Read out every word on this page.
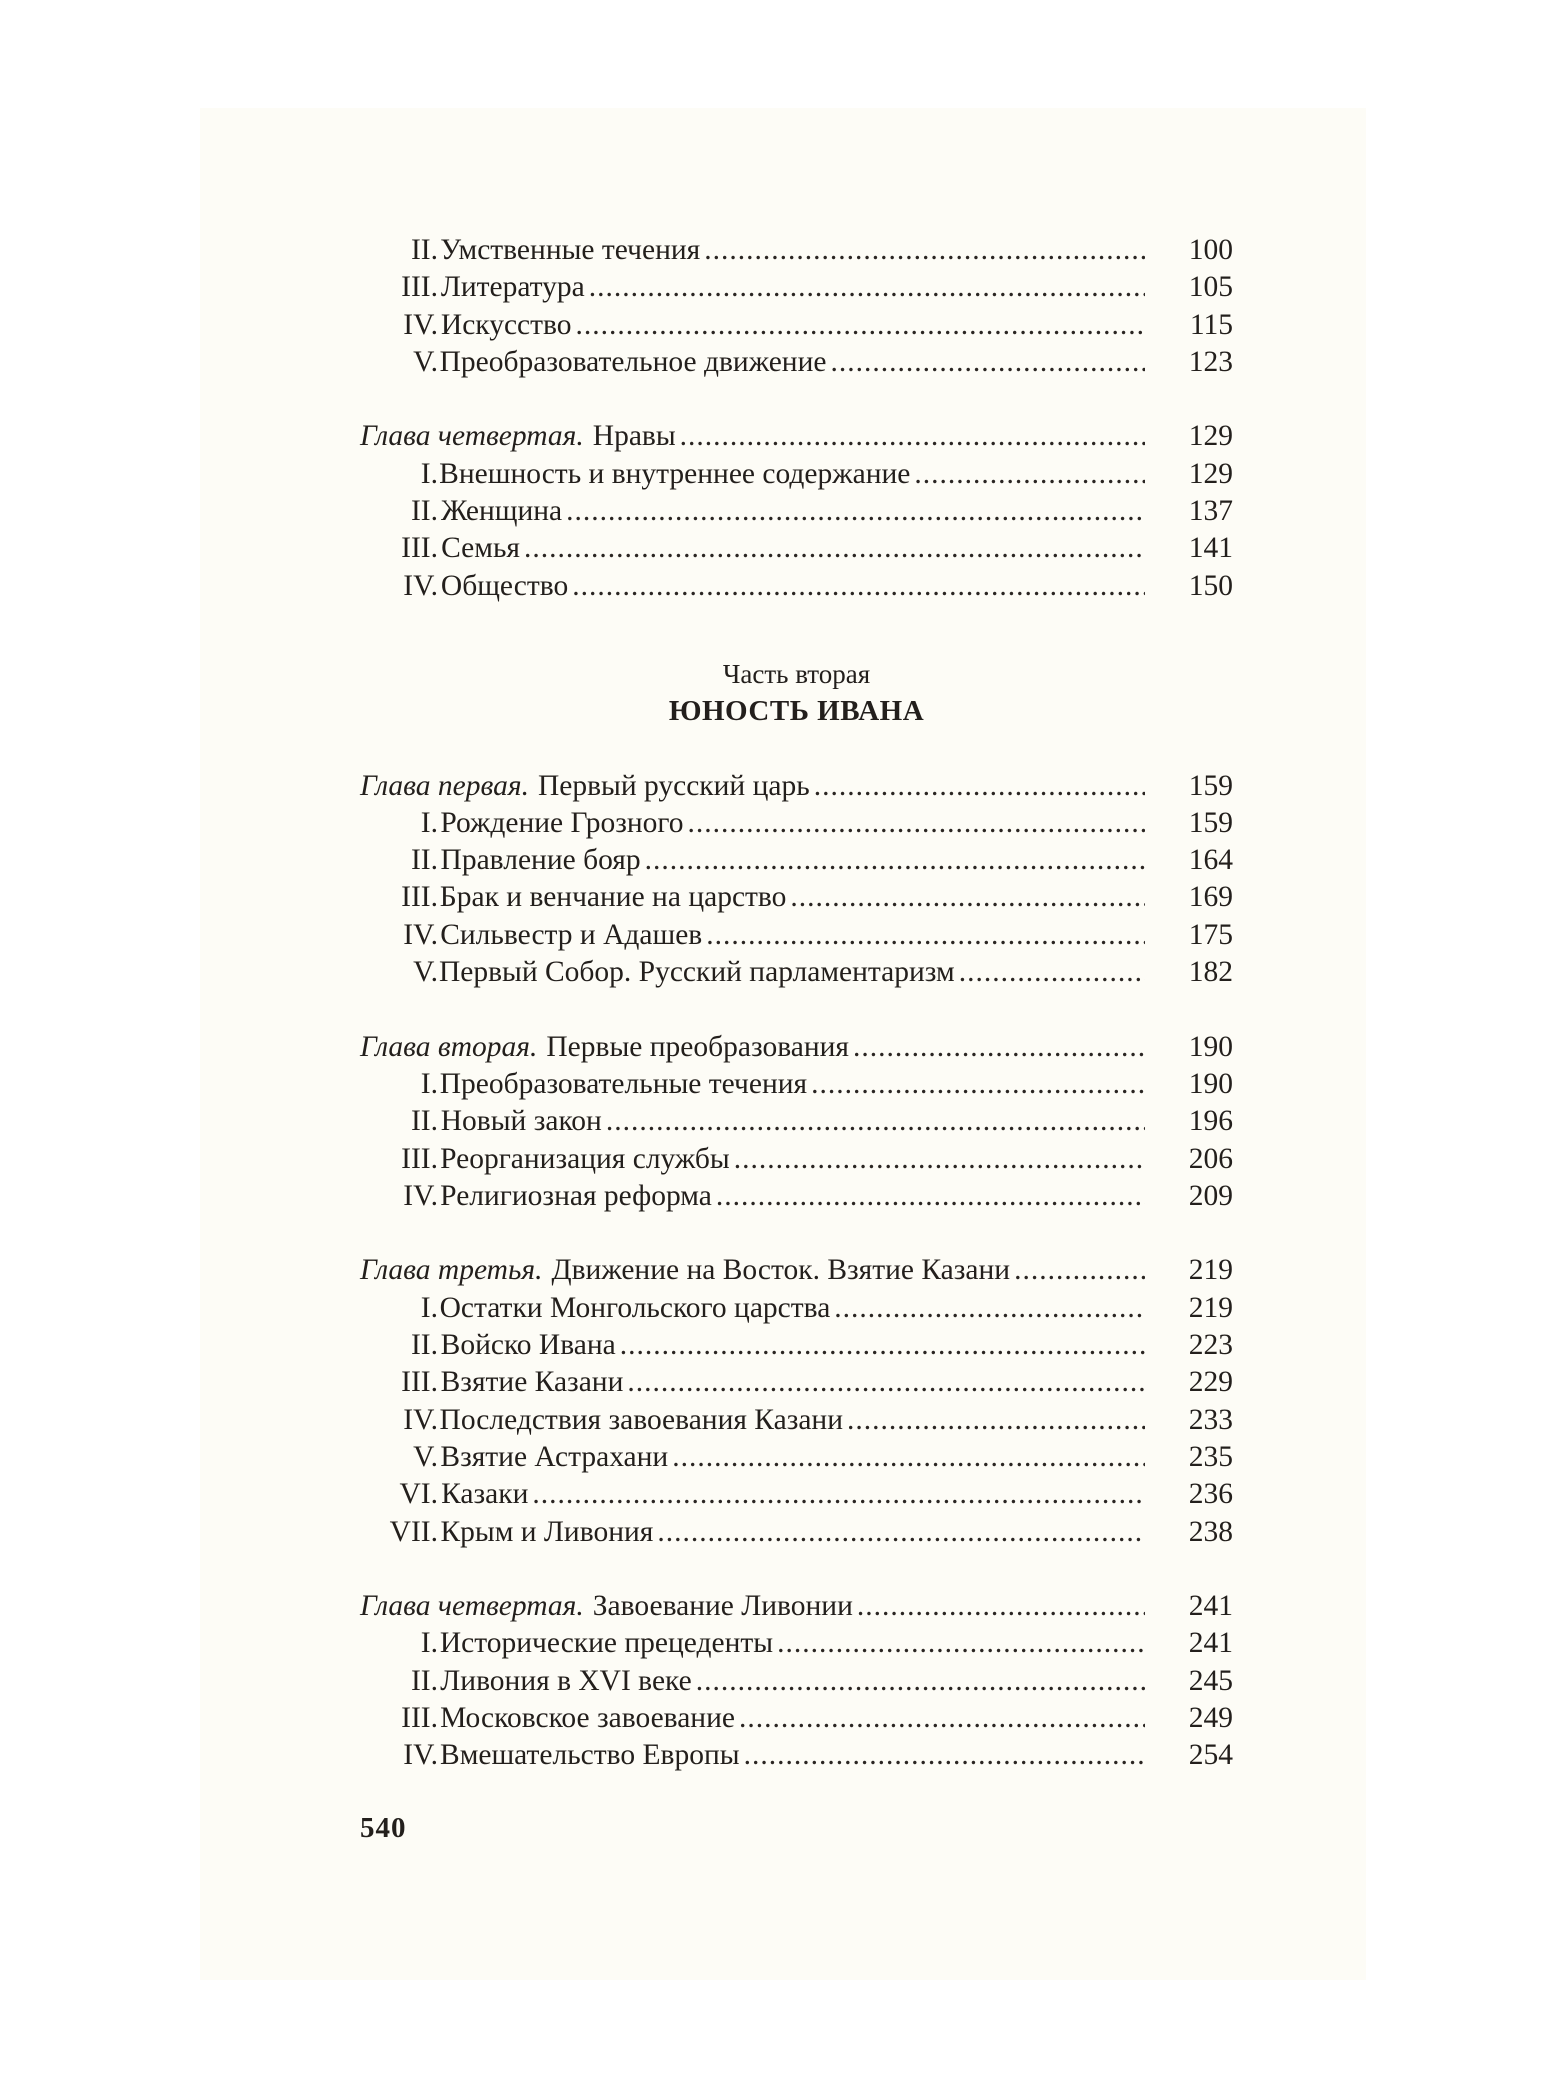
II. Умственные течения .....	100
III. Литература .....	105
IV. Искусство .....	115
V. Преобразовательное движение .....	123
Глава четвертая. Нравы .....	129
I. Внешность и внутреннее содержание .....	129
II. Женщина .....	137
III. Семья .....	141
IV. Общество .....	150
Часть вторая
ЮНОСТЬ ИВАНА
Глава первая. Первый русский царь .....	159
I. Рождение Грозного .....	159
II. Правление бояр .....	164
III. Брак и венчание на царство .....	169
IV. Сильвестр и Адашев .....	175
V. Первый Собор. Русский парламентаризм .....	182
Глава вторая. Первые преобразования .....	190
I. Преобразовательные течения .....	190
II. Новый закон .....	196
III. Реорганизация службы .....	206
IV. Религиозная реформа .....	209
Глава третья. Движение на Восток. Взятие Казани .....	219
I. Остатки Монгольского царства .....	219
II. Войско Ивана .....	223
III. Взятие Казани .....	229
IV. Последствия завоевания Казани .....	233
V. Взятие Астрахани .....	235
VI. Казаки .....	236
VII. Крым и Ливония .....	238
Глава четвертая. Завоевание Ливонии .....	241
I. Исторические прецеденты .....	241
II. Ливония в XVI веке .....	245
III. Московское завоевание .....	249
IV. Вмешательство Европы .....	254
540
